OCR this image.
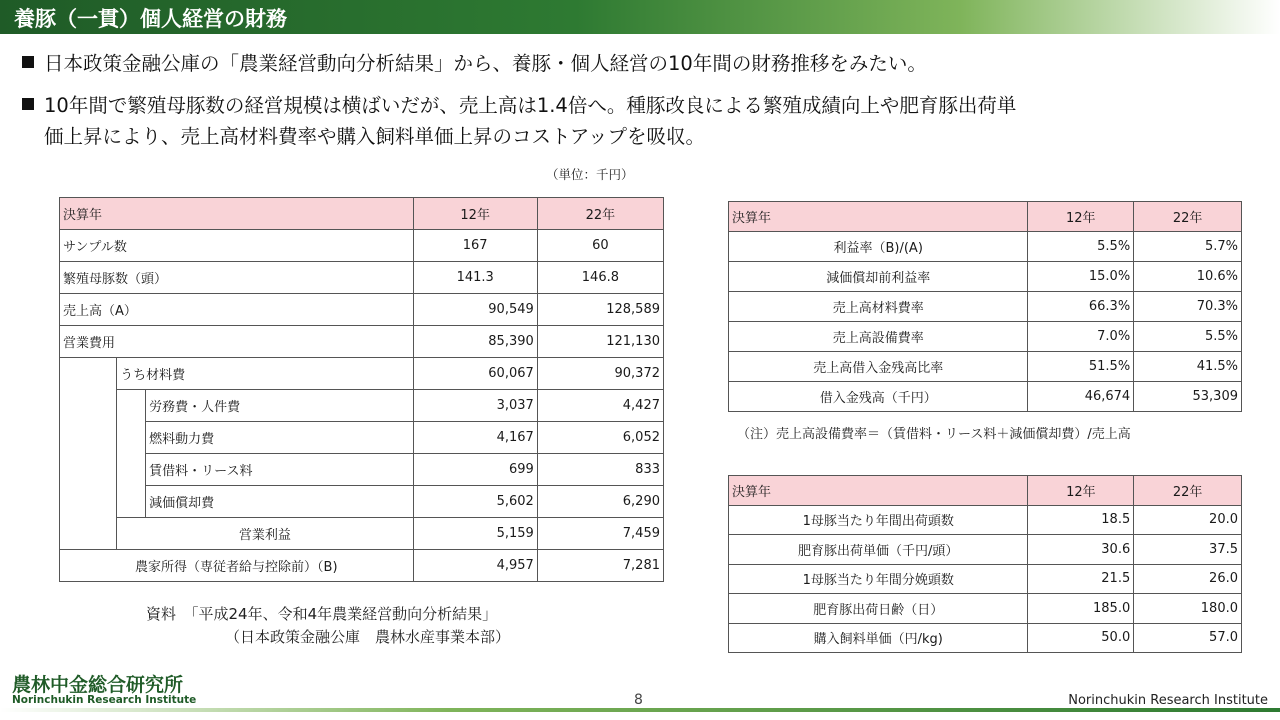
養豚（一貫）個人経営の財務
日本政策金融公庫の「農業経営動向分析結果」から、養豚・個人経営の10年間の財務推移をみたい。
10年間で繁殖母豚数の経営規模は横ばいだが、売上高は1.4倍へ。種豚改良による繁殖成績向上や肥育豚出荷単
価上昇により、売上高材料費率や購入飼料単価上昇のコストアップを吸収。
（単位：千円）
決算年			12年	22年
サンプル数			167	60
繁殖母豚数（頭）			141.3	146.8
売上高（A）			90,549	128,589
営業費用			85,390	121,130
	うち材料費		60,067	90,372
		労務費・人件費	3,037	4,427
		燃料動力費	4,167	6,052
		賃借料・リース料	699	833
		減価償却費	5,602	6,290
	営業利益		5,159	7,459
農家所得（専従者給与控除前）（B)			4,957	7,281
決算年	12年	22年
利益率（B)/(A)	5.5%	5.7%
減価償却前利益率	15.0%	10.6%
売上高材料費率	66.3%	70.3%
売上高設備費率	7.0%	5.5%
売上高借入金残高比率	51.5%	41.5%
借入金残高（千円）	46,674	53,309
（注）売上高設備費率＝（賃借料・リース料＋減価償却費）/売上高
決算年	12年	22年
1母豚当たり年間出荷頭数	18.5	20.0
肥育豚出荷単価（千円/頭）	30.6	37.5
1母豚当たり年間分娩頭数	21.5	26.0
肥育豚出荷日齢（日）	185.0	180.0
購入飼料単価（円/kg)	50.0	57.0
資料　「平成24年、令和4年農業経営動向分析結果」
（日本政策金融公庫　農林水産事業本部）
農林中金総合研究所
Norinchukin Research Institute	8	Norinchukin Research Institute
